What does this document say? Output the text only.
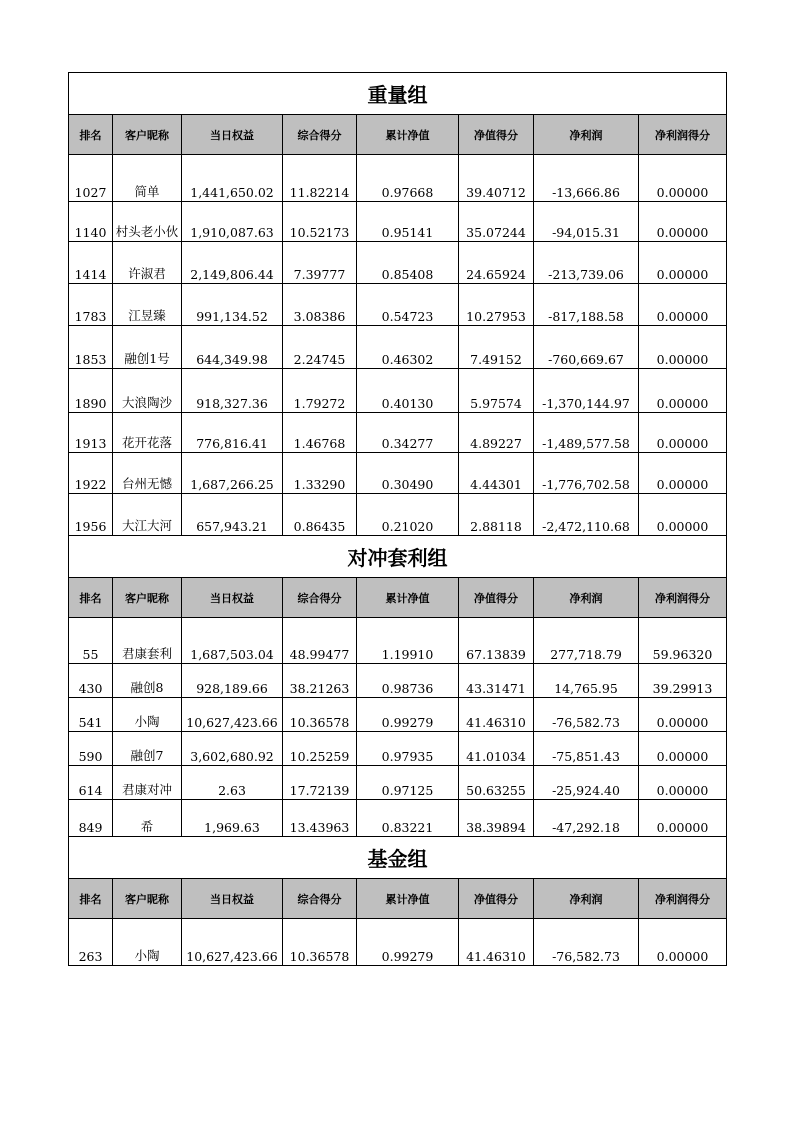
重量组							
排名	客户昵称	当日权益	综合得分	累计净值	净值得分	净利润	净利润得分
1027	简单	1,441,650.02	11.82214	0.97668	39.40712	-13,666.86	0.00000
1140	村头老小伙	1,910,087.63	10.52173	0.95141	35.07244	-94,015.31	0.00000
1414	许淑君	2,149,806.44	7.39777	0.85408	24.65924	-213,739.06	0.00000
1783	江昱臻	991,134.52	3.08386	0.54723	10.27953	-817,188.58	0.00000
1853	融创1号	644,349.98	2.24745	0.46302	7.49152	-760,669.67	0.00000
1890	大浪陶沙	918,327.36	1.79272	0.40130	5.97574	-1,370,144.97	0.00000
1913	花开花落	776,816.41	1.46768	0.34277	4.89227	-1,489,577.58	0.00000
1922	台州无憾	1,687,266.25	1.33290	0.30490	4.44301	-1,776,702.58	0.00000
1956	大江大河	657,943.21	0.86435	0.21020	2.88118	-2,472,110.68	0.00000
对冲套利组							
排名	客户昵称	当日权益	综合得分	累计净值	净值得分	净利润	净利润得分
55	君康套利	1,687,503.04	48.99477	1.19910	67.13839	277,718.79	59.96320
430	融创8	928,189.66	38.21263	0.98736	43.31471	14,765.95	39.29913
541	小陶	10,627,423.66	10.36578	0.99279	41.46310	-76,582.73	0.00000
590	融创7	3,602,680.92	10.25259	0.97935	41.01034	-75,851.43	0.00000
614	君康对冲	2.63	17.72139	0.97125	50.63255	-25,924.40	0.00000
849	希	1,969.63	13.43963	0.83221	38.39894	-47,292.18	0.00000
基金组							
排名	客户昵称	当日权益	综合得分	累计净值	净值得分	净利润	净利润得分
263	小陶	10,627,423.66	10.36578	0.99279	41.46310	-76,582.73	0.00000
